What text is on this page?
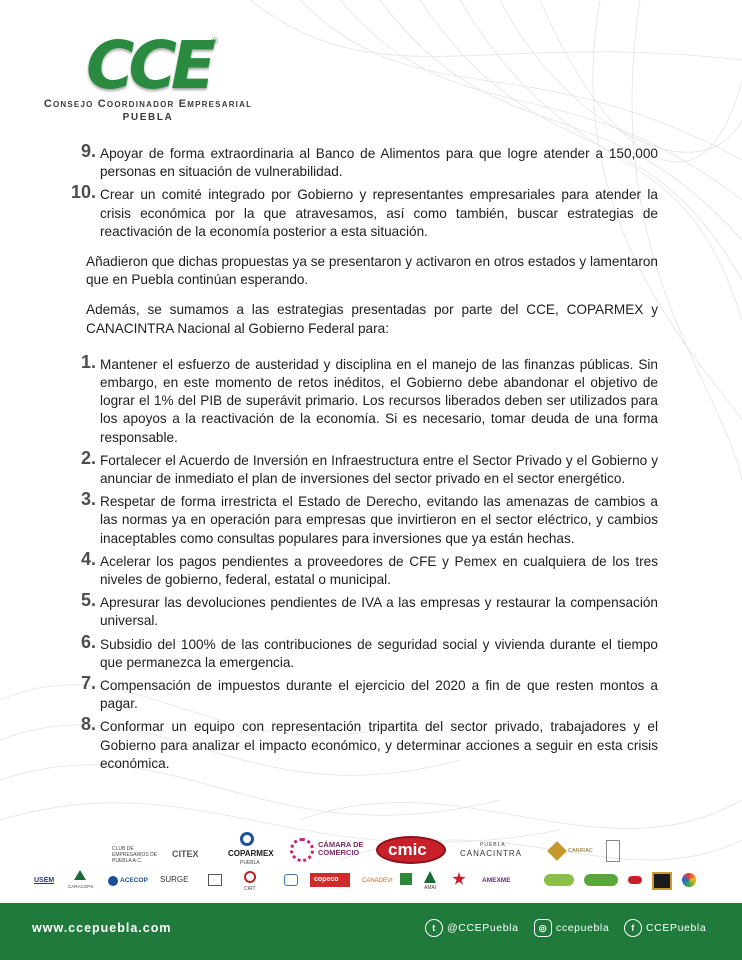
CCE ®
Consejo Coordinador Empresarial
PUEBLA
9. Apoyar de forma extraordinaria al Banco de Alimentos para que logre atender a 150,000 personas en situación de vulnerabilidad.
10. Crear un comité integrado por Gobierno y representantes empresariales para atender la crisis económica por la que atravesamos, así como también, buscar estrategias de reactivación de la economía posterior a esta situación.

Añadieron que dichas propuestas ya se presentaron y activaron en otros estados y lamentaron que en Puebla continúan esperando.

Además, se sumamos a las estrategias presentadas por parte del CCE, COPARMEX y CANACINTRA Nacional al Gobierno Federal para:

1. Mantener el esfuerzo de austeridad y disciplina en el manejo de las finanzas públicas. Sin embargo, en este momento de retos inéditos, el Gobierno debe abandonar el objetivo de lograr el 1% del PIB de superávit primario. Los recursos liberados deben ser utilizados para los apoyos a la reactivación de la economía. Si es necesario, tomar deuda de una forma responsable.
2. Fortalecer el Acuerdo de Inversión en Infraestructura entre el Sector Privado y el Gobierno y anunciar de inmediato el plan de inversiones del sector privado en el sector energético.
3. Respetar de forma irrestricta el Estado de Derecho, evitando las amenazas de cambios a las normas ya en operación para empresas que invirtieron en el sector eléctrico, y cambios inaceptables como consultas populares para inversiones que ya están hechas.
4. Acelerar los pagos pendientes a proveedores de CFE y Pemex en cualquiera de los tres niveles de gobierno, federal, estatal o municipal.
5. Apresurar las devoluciones pendientes de IVA a las empresas y restaurar la compensación universal.
6. Subsidio del 100% de las contribuciones de seguridad social y vivienda durante el tiempo que permanezca la emergencia.
7. Compensación de impuestos durante el ejercicio del 2020 a fin de que resten montos a pagar.
8. Conformar un equipo con representación tripartita del sector privado, trabajadores y el Gobierno para analizar el impacto económico, y determinar acciones a seguir en esta crisis económica.
CLUB DE EMPRESARIOS DE PUEBLA A.C.
CITEX	COPARMEX
PUEBLA
CÁMARA DE COMERCIO	cmic	PUEBLA
CANACINTRA	CANIRAC
USEM
CARACOPS
ACECOP SURGE
CIRT
copeco	CANADEVI
AMAI
AMEXME
www.ccepuebla.com	t	@CCEPuebla	◎ ccepuebla	f	CCEPuebla
